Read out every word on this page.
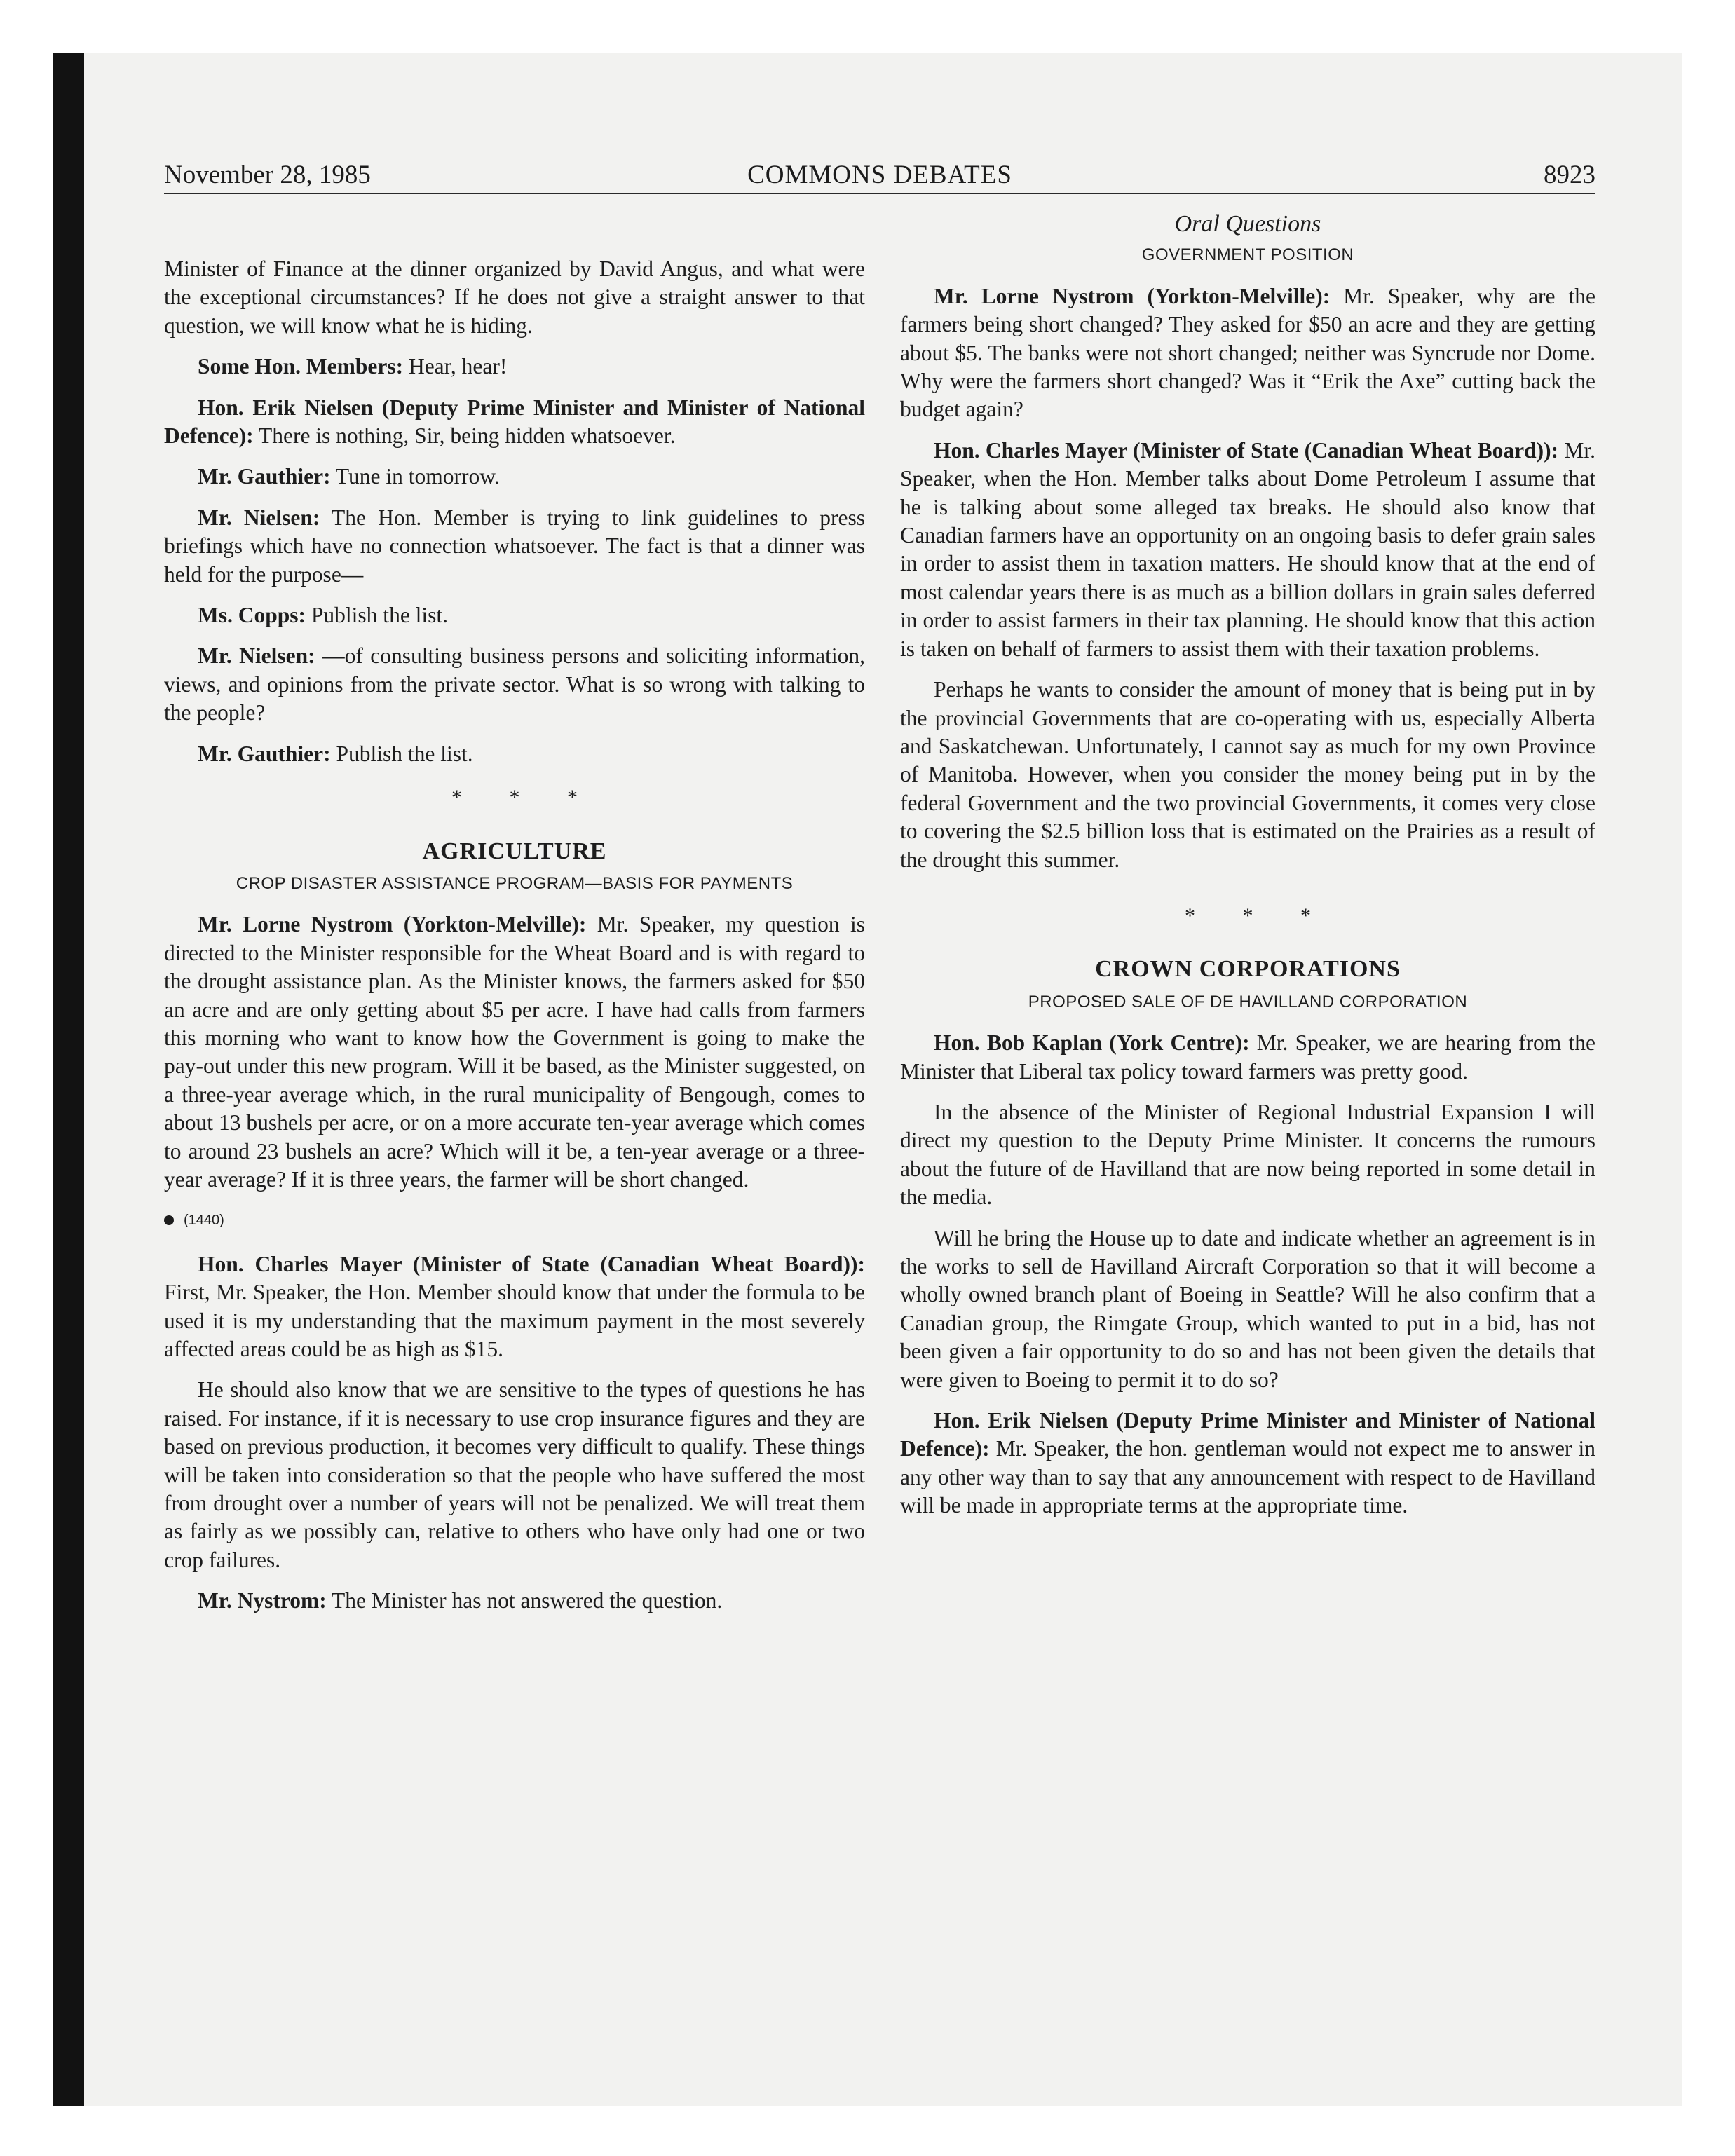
November 28, 1985	COMMONS DEBATES	8923

Minister of Finance at the dinner organized by David Angus, and what were the exceptional circumstances? If he does not give a straight answer to that question, we will know what he is hiding.

Some Hon. Members: Hear, hear!

Hon. Erik Nielsen (Deputy Prime Minister and Minister of National Defence): There is nothing, Sir, being hidden whatsoever.

Mr. Gauthier: Tune in tomorrow.

Mr. Nielsen: The Hon. Member is trying to link guidelines to press briefings which have no connection whatsoever. The fact is that a dinner was held for the purpose—

Ms. Copps: Publish the list.

Mr. Nielsen: —of consulting business persons and soliciting information, views, and opinions from the private sector. What is so wrong with talking to the people?

Mr. Gauthier: Publish the list.

* * *
AGRICULTURE
CROP DISASTER ASSISTANCE PROGRAM—BASIS FOR PAYMENTS

Mr. Lorne Nystrom (Yorkton-Melville): Mr. Speaker, my question is directed to the Minister responsible for the Wheat Board and is with regard to the drought assistance plan. As the Minister knows, the farmers asked for $50 an acre and are only getting about $5 per acre. I have had calls from farmers this morning who want to know how the Government is going to make the pay-out under this new program. Will it be based, as the Minister suggested, on a three-year average which, in the rural municipality of Bengough, comes to about 13 bushels per acre, or on a more accurate ten-year average which comes to around 23 bushels an acre? Which will it be, a ten-year average or a three-year average? If it is three years, the farmer will be short changed.

(1440)

Hon. Charles Mayer (Minister of State (Canadian Wheat Board)): First, Mr. Speaker, the Hon. Member should know that under the formula to be used it is my understanding that the maximum payment in the most severely affected areas could be as high as $15.

He should also know that we are sensitive to the types of questions he has raised. For instance, if it is necessary to use crop insurance figures and they are based on previous production, it becomes very difficult to qualify. These things will be taken into consideration so that the people who have suffered the most from drought over a number of years will not be penalized. We will treat them as fairly as we possibly can, relative to others who have only had one or two crop failures.

Mr. Nystrom: The Minister has not answered the question.

Oral Questions
GOVERNMENT POSITION

Mr. Lorne Nystrom (Yorkton-Melville): Mr. Speaker, why are the farmers being short changed? They asked for $50 an acre and they are getting about $5. The banks were not short changed; neither was Syncrude nor Dome. Why were the farmers short changed? Was it “Erik the Axe” cutting back the budget again?

Hon. Charles Mayer (Minister of State (Canadian Wheat Board)): Mr. Speaker, when the Hon. Member talks about Dome Petroleum I assume that he is talking about some alleged tax breaks. He should also know that Canadian farmers have an opportunity on an ongoing basis to defer grain sales in order to assist them in taxation matters. He should know that at the end of most calendar years there is as much as a billion dollars in grain sales deferred in order to assist farmers in their tax planning. He should know that this action is taken on behalf of farmers to assist them with their taxation problems.

Perhaps he wants to consider the amount of money that is being put in by the provincial Governments that are co-operating with us, especially Alberta and Saskatchewan. Unfortunately, I cannot say as much for my own Province of Manitoba. However, when you consider the money being put in by the federal Government and the two provincial Governments, it comes very close to covering the $2.5 billion loss that is estimated on the Prairies as a result of the drought this summer.

* * *
CROWN CORPORATIONS
PROPOSED SALE OF DE HAVILLAND CORPORATION

Hon. Bob Kaplan (York Centre): Mr. Speaker, we are hearing from the Minister that Liberal tax policy toward farmers was pretty good.

In the absence of the Minister of Regional Industrial Expansion I will direct my question to the Deputy Prime Minister. It concerns the rumours about the future of de Havilland that are now being reported in some detail in the media.

Will he bring the House up to date and indicate whether an agreement is in the works to sell de Havilland Aircraft Corporation so that it will become a wholly owned branch plant of Boeing in Seattle? Will he also confirm that a Canadian group, the Rimgate Group, which wanted to put in a bid, has not been given a fair opportunity to do so and has not been given the details that were given to Boeing to permit it to do so?

Hon. Erik Nielsen (Deputy Prime Minister and Minister of National Defence): Mr. Speaker, the hon. gentleman would not expect me to answer in any other way than to say that any announcement with respect to de Havilland will be made in appropriate terms at the appropriate time.
